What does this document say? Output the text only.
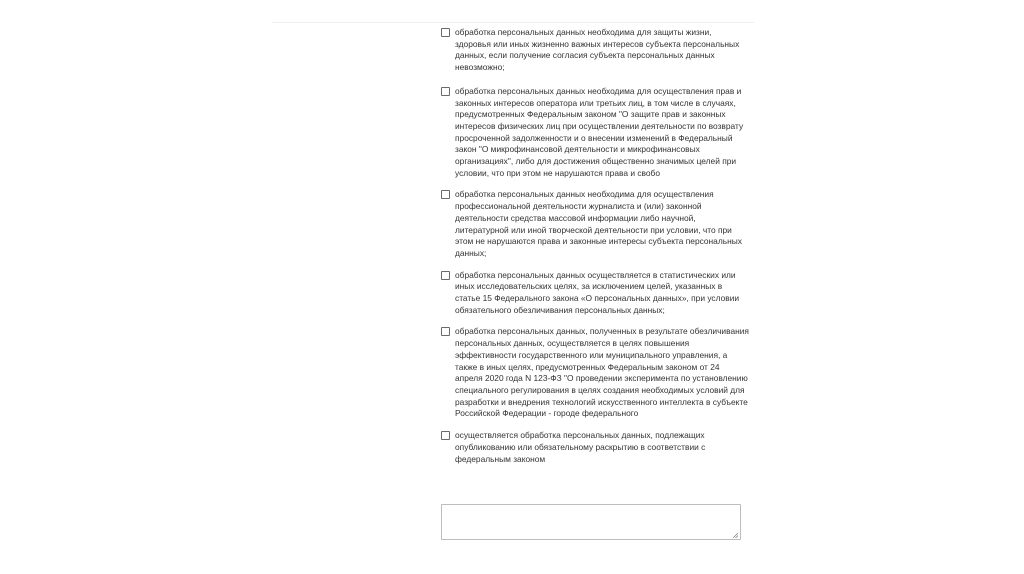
обработка персональных данных необходима для защиты жизни, здоровья или иных жизненно важных интересов субъекта персональных данных, если получение согласия субъекта персональных данных невозможно;
обработка персональных данных необходима для осуществления прав и законных интересов оператора или третьих лиц, в том числе в случаях, предусмотренных Федеральным законом "О защите прав и законных интересов физических лиц при осуществлении деятельности по возврату просроченной задолженности и о внесении изменений в Федеральный закон "О микрофинансовой деятельности и микрофинансовых организациях", либо для достижения общественно значимых целей при условии, что при этом не нарушаются права и свобо
обработка персональных данных необходима для осуществления профессиональной деятельности журналиста и (или) законной деятельности средства массовой информации либо научной, литературной или иной творческой деятельности при условии, что при этом не нарушаются права и законные интересы субъекта персональных данных;
обработка персональных данных осуществляется в статистических или иных исследовательских целях, за исключением целей, указанных в статье 15 Федерального закона «О персональных данных», при условии обязательного обезличивания персональных данных;
обработка персональных данных, полученных в результате обезличивания персональных данных, осуществляется в целях повышения эффективности государственного или муниципального управления, а также в иных целях, предусмотренных Федеральным законом от 24 апреля 2020 года N 123-ФЗ "О проведении эксперимента по установлению специального регулирования в целях создания необходимых условий для разработки и внедрения технологий искусственного интеллекта в субъекте Российской Федерации - городе федерального
осуществляется обработка персональных данных, подлежащих опубликованию или обязательному раскрытию в соответствии с федеральным законом
